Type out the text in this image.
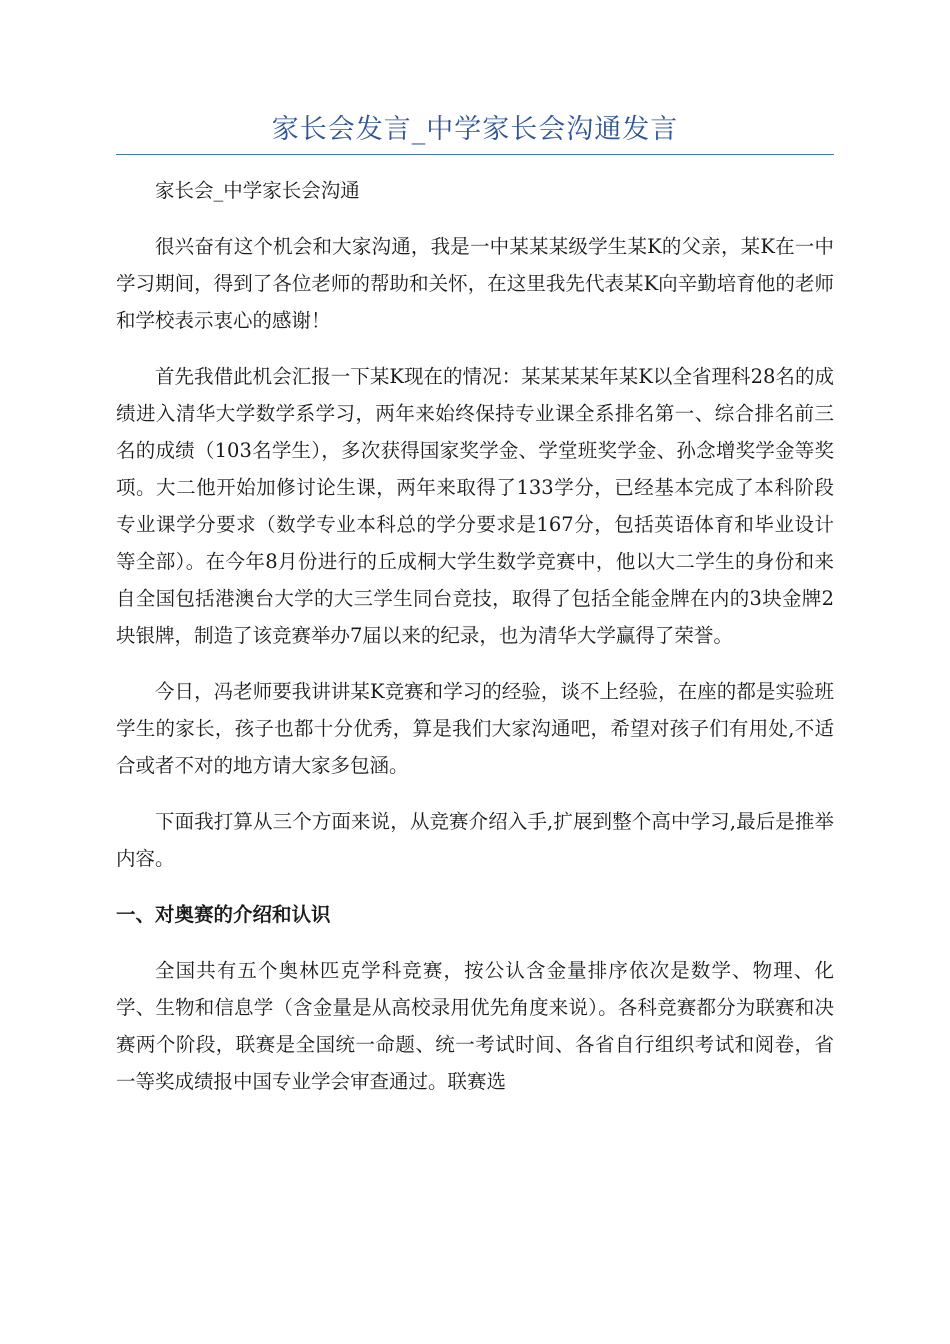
家长会发言_中学家长会沟通发言

家长会_中学家长会沟通

很兴奋有这个机会和大家沟通，我是一中某某某级学生某K的父亲，某K在一中学习期间，得到了各位老师的帮助和关怀，在这里我先代表某K向辛勤培育他的老师和学校表示衷心的感谢！

首先我借此机会汇报一下某K现在的情况：某某某某年某K以全省理科28名的成绩进入清华大学数学系学习，两年来始终保持专业课全系排名第一、综合排名前三名的成绩（103名学生），多次获得国家奖学金、学堂班奖学金、孙念增奖学金等奖项。大二他开始加修讨论生课，两年来取得了133学分，已经基本完成了本科阶段专业课学分要求（数学专业本科总的学分要求是167分，包括英语体育和毕业设计等全部）。在今年8月份进行的丘成桐大学生数学竞赛中，他以大二学生的身份和来自全国包括港澳台大学的大三学生同台竞技，取得了包括全能金牌在内的3块金牌2块银牌，制造了该竞赛举办7届以来的纪录，也为清华大学赢得了荣誉。

今日，冯老师要我讲讲某K竞赛和学习的经验，谈不上经验，在座的都是实验班学生的家长，孩子也都十分优秀，算是我们大家沟通吧，希望对孩子们有用处,不适合或者不对的地方请大家多包涵。

下面我打算从三个方面来说，从竞赛介绍入手,扩展到整个高中学习,最后是推举内容。

一、对奥赛的介绍和认识

全国共有五个奥林匹克学科竞赛，按公认含金量排序依次是数学、物理、化学、生物和信息学（含金量是从高校录用优先角度来说）。各科竞赛都分为联赛和决赛两个阶段，联赛是全国统一命题、统一考试时间、各省自行组织考试和阅卷，省一等奖成绩报中国专业学会审查通过。联赛选
